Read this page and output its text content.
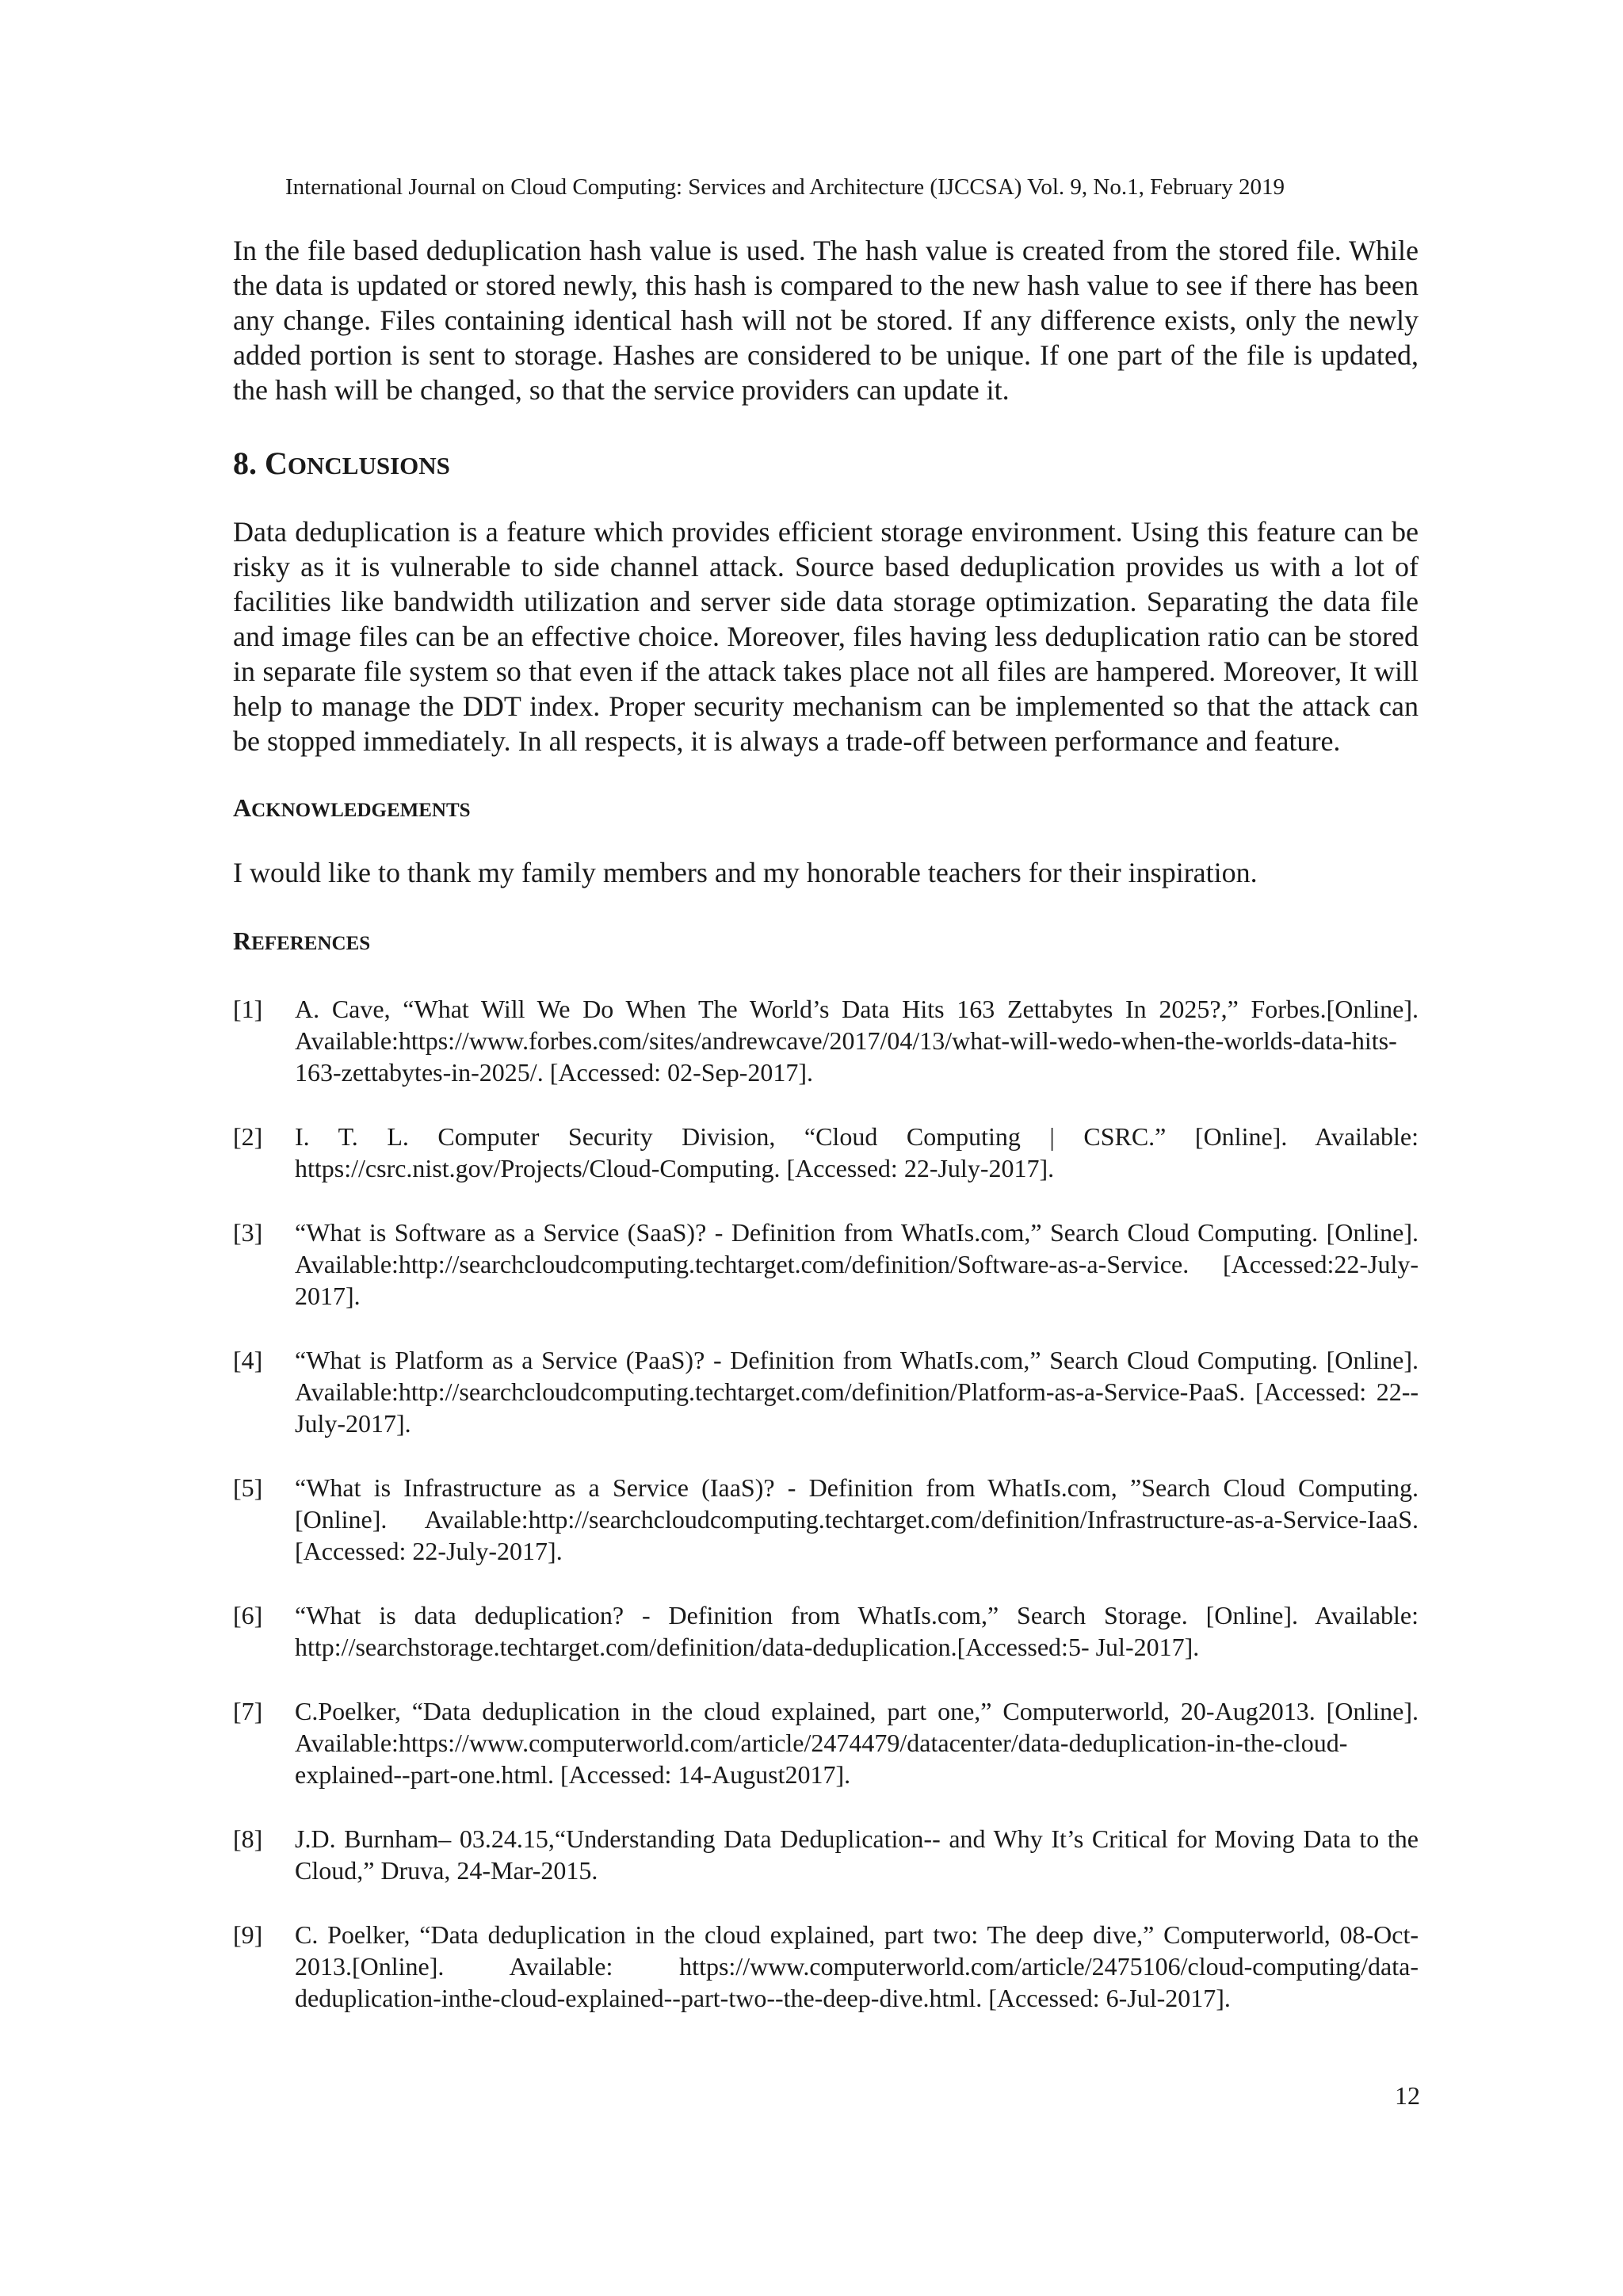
International Journal on Cloud Computing: Services and Architecture (IJCCSA) Vol. 9, No.1, February 2019

In the file based deduplication hash value is used. The hash value is created from the stored file. While the data is updated or stored newly, this hash is compared to the new hash value to see if there has been any change. Files containing identical hash will not be stored. If any difference exists, only the newly added portion is sent to storage. Hashes are considered to be unique. If one part of the file is updated, the hash will be changed, so that the service providers can update it.

8. CONCLUSIONS

Data deduplication is a feature which provides efficient storage environment. Using this feature can be risky as it is vulnerable to side channel attack. Source based deduplication provides us with a lot of facilities like bandwidth utilization and server side data storage optimization. Separating the data file and image files can be an effective choice. Moreover, files having less deduplication ratio can be stored in separate file system so that even if the attack takes place not all files are hampered. Moreover, It will help to manage the DDT index. Proper security mechanism can be implemented so that the attack can be stopped immediately. In all respects, it is always a trade-off between performance and feature.

ACKNOWLEDGEMENTS

I would like to thank my family members and my honorable teachers for their inspiration.

REFERENCES
[1] A. Cave, “What Will We Do When The World’s Data Hits 163 Zettabytes In 2025?,” Forbes.[Online]. Available:https://www.forbes.com/sites/andrewcave/2017/04/13/what-will-wedo-when-the-worlds-data-hits-163-zettabytes-in-2025/. [Accessed: 02-Sep-2017].
[2] I. T. L. Computer Security Division, “Cloud Computing | CSRC.” [Online]. Available: https://csrc.nist.gov/Projects/Cloud-Computing. [Accessed: 22-July-2017].
[3] “What is Software as a Service (SaaS)? - Definition from WhatIs.com,” Search Cloud Computing. [Online]. Available:http://searchcloudcomputing.techtarget.com/definition/Software-as-a-Service. [Accessed:22-July-2017].
[4] “What is Platform as a Service (PaaS)? - Definition from WhatIs.com,” Search Cloud Computing. [Online]. Available:http://searchcloudcomputing.techtarget.com/definition/Platform-as-a-Service-PaaS. [Accessed: 22--July-2017].
[5] “What is Infrastructure as a Service (IaaS)? - Definition from WhatIs.com, ”Search Cloud Computing. [Online]. Available:http://searchcloudcomputing.techtarget.com/definition/Infrastructure-as-a-Service-IaaS. [Accessed: 22-July-2017].
[6] “What is data deduplication? - Definition from WhatIs.com,” Search Storage. [Online]. Available: http://searchstorage.techtarget.com/definition/data-deduplication.[Accessed:5- Jul-2017].
[7] C.Poelker, “Data deduplication in the cloud explained, part one,” Computerworld, 20-Aug2013. [Online]. Available:https://www.computerworld.com/article/2474479/datacenter/data-deduplication-in-the-cloud-explained--part-one.html. [Accessed: 14-August2017].
[8] J.D. Burnham– 03.24.15,“Understanding Data Deduplication-- and Why It’s Critical for Moving Data to the Cloud,” Druva, 24-Mar-2015.
[9] C. Poelker, “Data deduplication in the cloud explained, part two: The deep dive,” Computerworld, 08-Oct-2013.[Online]. Available: https://www.computerworld.com/article/2475106/cloud-computing/data-deduplication-inthe-cloud-explained--part-two--the-deep-dive.html. [Accessed: 6-Jul-2017].
12
